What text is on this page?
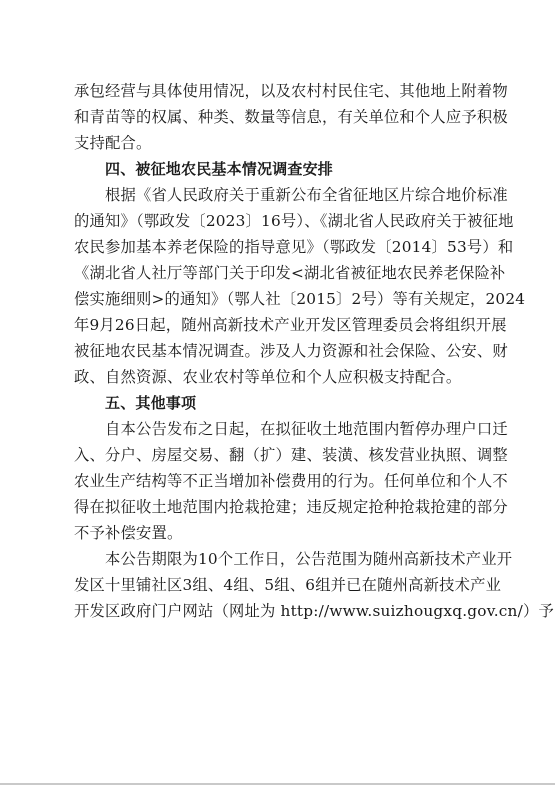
承包经营与具体使用情况，以及农村村民住宅、其他地上附着物
和青苗等的权属、种类、数量等信息，有关单位和个人应予积极
支持配合。
四、被征地农民基本情况调查安排
根据《省人民政府关于重新公布全省征地区片综合地价标准
的通知》（鄂政发〔2023〕16号）、《湖北省人民政府关于被征地
农民参加基本养老保险的指导意见》（鄂政发〔2014〕53号）和
《湖北省人社厅等部门关于印发<湖北省被征地农民养老保险补
偿实施细则>的通知》（鄂人社〔2015〕2号）等有关规定，2024
年9月26日起，随州高新技术产业开发区管理委员会将组织开展
被征地农民基本情况调查。涉及人力资源和社会保险、公安、财
政、自然资源、农业农村等单位和个人应积极支持配合。
五、其他事项
自本公告发布之日起，在拟征收土地范围内暂停办理户口迁
入、分户、房屋交易、翻（扩）建、装潢、核发营业执照、调整
农业生产结构等不正当增加补偿费用的行为。任何单位和个人不
得在拟征收土地范围内抢栽抢建；违反规定抢种抢栽抢建的部分
不予补偿安置。
本公告期限为10个工作日，公告范围为随州高新技术产业开
发区十里铺社区3组、4组、5组、6组并已在随州高新技术产业
开发区政府门户网站（网址为 http://www.suizhougxq.gov.cn/）予
